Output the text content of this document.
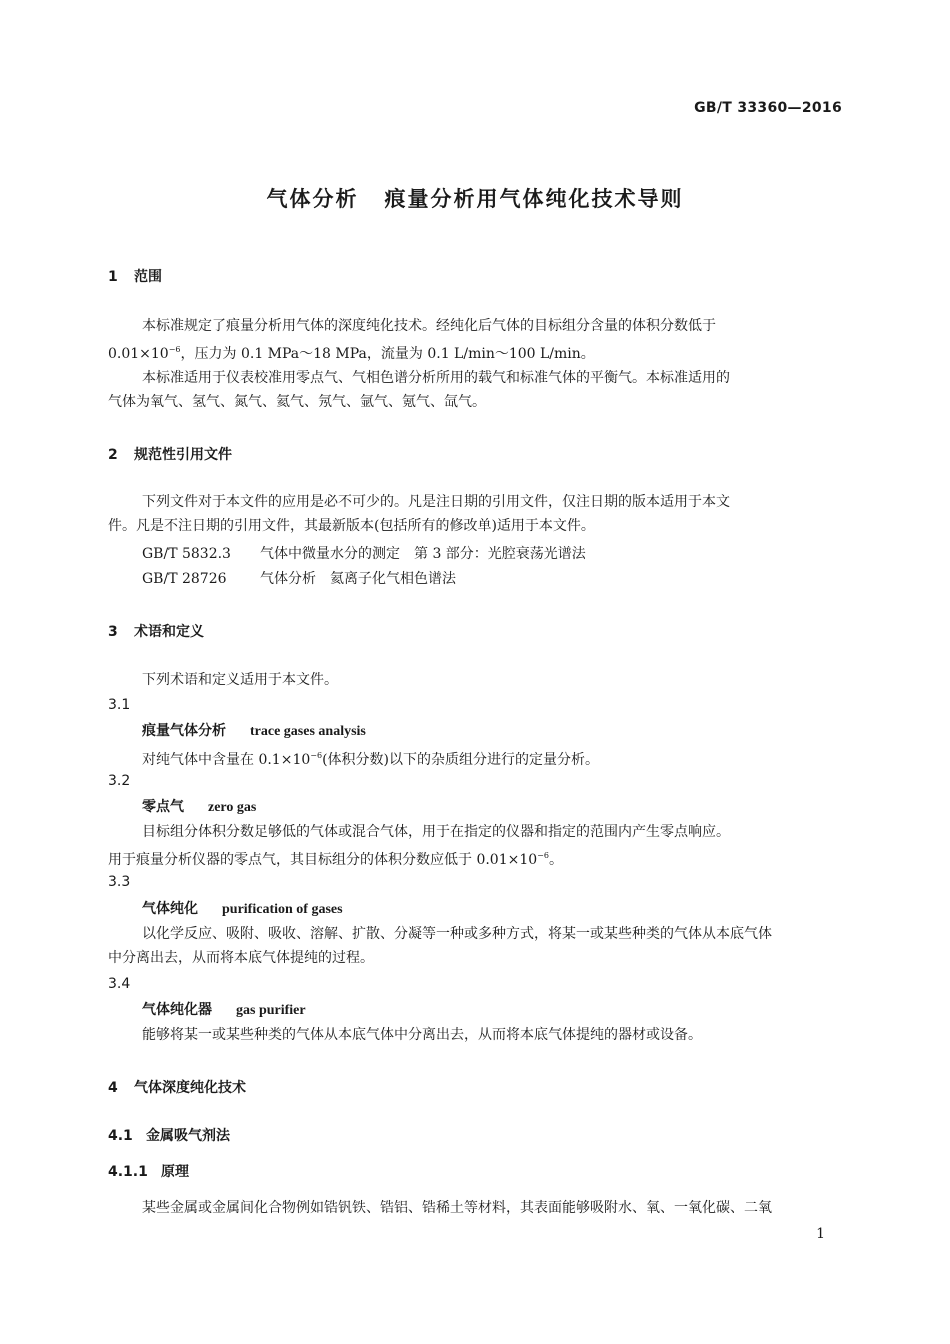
GB/T 33360—2016
气体分析 痕量分析用气体纯化技术导则
1 范围
本标准规定了痕量分析用气体的深度纯化技术。经纯化后气体的目标组分含量的体积分数低于
$0.01\times 10^{-6}$，压力为 0.1 MPa～18 MPa，流量为 0.1 L/min～100 L/min。
本标准适用于仪表校准用零点气、气相色谱分析所用的载气和标准气体的平衡气。本标准适用的
气体为氧气、氢气、氮气、氦气、氖气、氩气、氪气、氙气。
2 规范性引用文件
下列文件对于本文件的应用是必不可少的。凡是注日期的引用文件，仅注日期的版本适用于本文
件。凡是不注日期的引用文件，其最新版本(包括所有的修改单)适用于本文件。
GB/T 5832.3 气体中微量水分的测定　第 3 部分：光腔衰荡光谱法
GB/T 28726 气体分析　氦离子化气相色谱法
3 术语和定义
下列术语和定义适用于本文件。
3.1
痕量气体分析 trace gases analysis
对纯气体中含量在 $0.1\times 10^{-6}$(体积分数)以下的杂质组分进行的定量分析。
3.2
零点气 zero gas
目标组分体积分数足够低的气体或混合气体，用于在指定的仪器和指定的范围内产生零点响应。
用于痕量分析仪器的零点气，其目标组分的体积分数应低于 $0.01\times 10^{-6}$。
3.3
气体纯化 purification of gases
以化学反应、吸附、吸收、溶解、扩散、分凝等一种或多种方式，将某一或某些种类的气体从本底气体
中分离出去，从而将本底气体提纯的过程。
3.4
气体纯化器 gas purifier
能够将某一或某些种类的气体从本底气体中分离出去，从而将本底气体提纯的器材或设备。
4 气体深度纯化技术
4.1 金属吸气剂法
4.1.1 原理
某些金属或金属间化合物例如锆钒铁、锆铝、锆稀土等材料，其表面能够吸附水、氧、一氧化碳、二氧
1
